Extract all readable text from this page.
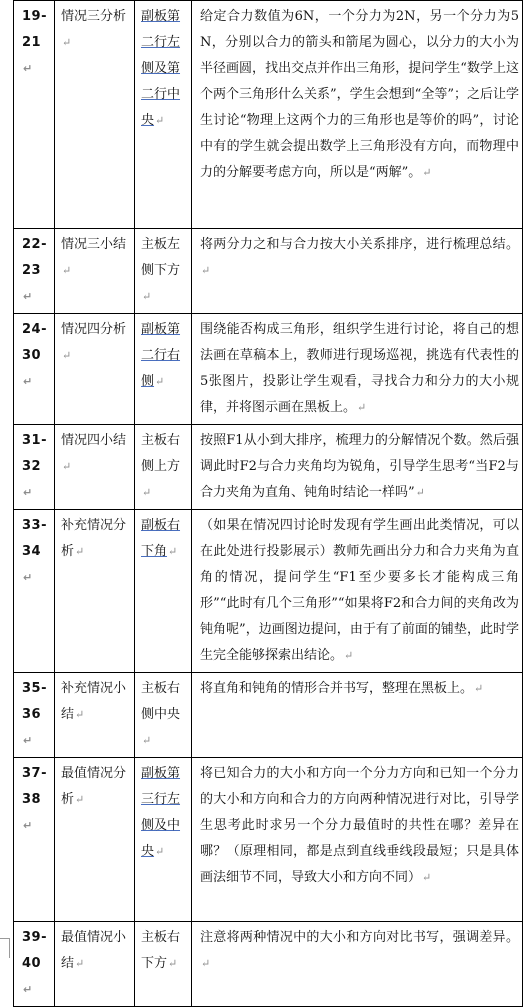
19-21↵	情况三分析↵	副板第二行左侧及第二行中央↵	给定合力数值为6N，一个分力为2N，另一个分力为5N，分别以合力的箭头和箭尾为圆心，以分力的大小为半径画圆，找出交点并作出三角形，提问学生“数学上这个两个三角形什么关系”，学生会想到“全等”；之后让学生讨论“物理上这两个力的三角形也是等价的吗”，讨论中有的学生就会提出数学上三角形没有方向，而物理中力的分解要考虑方向，所以是“两解”。↵
22-23↵	情况三小结↵	主板左侧下方↵	将两分力之和与合力按大小关系排序，进行梳理总结。↵
24-30↵	情况四分析↵	副板第二行右侧↵	围绕能否构成三角形，组织学生进行讨论，将自己的想法画在草稿本上，教师进行现场巡视，挑选有代表性的5张图片，投影让学生观看，寻找合力和分力的大小规律，并将图示画在黑板上。↵
31-32↵	情况四小结↵	主板右侧上方↵	按照F1从小到大排序，梳理力的分解情况个数。然后强调此时F2与合力夹角均为锐角，引导学生思考“当F2与合力夹角为直角、钝角时结论一样吗”↵
33-34↵	补充情况分析↵	副板右下角↵	（如果在情况四讨论时发现有学生画出此类情况，可以在此处进行投影展示）教师先画出分力和合力夹角为直角的情况，提问学生“F1至少要多长才能构成三角形”“此时有几个三角形”“如果将F2和合力间的夹角改为钝角呢”，边画图边提问，由于有了前面的铺垫，此时学生完全能够探索出结论。↵
35-36↵	补充情况小结↵	主板右侧中央↵	将直角和钝角的情形合并书写，整理在黑板上。↵
37-38↵	最值情况分析↵	副板第三行左侧及中央↵	将已知合力的大小和方向一个分力方向和已知一个分力的大小和方向和合力的方向两种情况进行对比，引导学生思考此时求另一个分力最值时的共性在哪？差异在哪？（原理相同，都是点到直线垂线段最短；只是具体画法细节不同，导致大小和方向不同）↵
39-40↵	最值情况小结↵	主板右下方↵	注意将两种情况中的大小和方向对比书写，强调差异。↵
